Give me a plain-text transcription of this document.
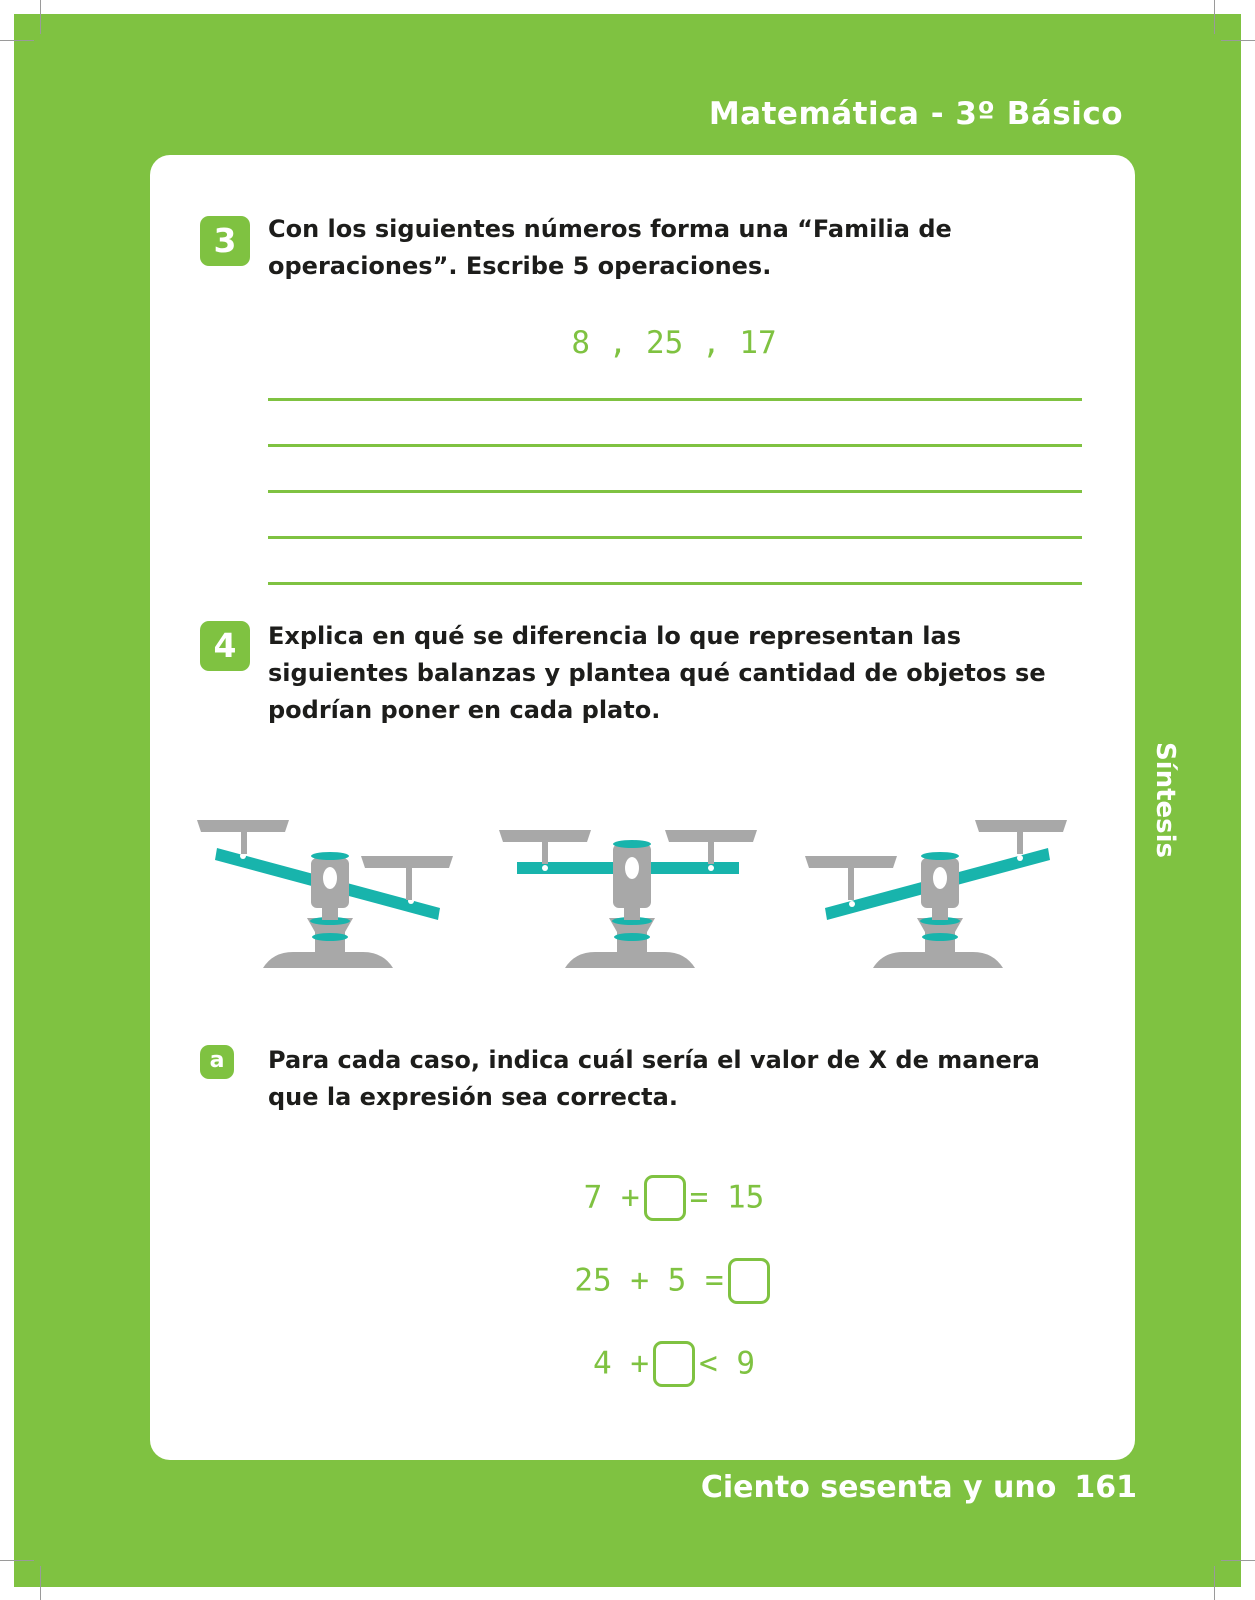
Matemática - 3º Básico
Síntesis
Ciento sesenta y uno 161
3	Con los siguientes números forma una “Familia de
operaciones”. Escribe 5 operaciones.
8 , 25 , 17
4	Explica en qué se diferencia lo que representan las
siguientes balanzas y plantea qué cantidad de objetos se
podrían poner en cada plato.
a	Para cada caso, indica cuál sería el valor de X de manera
que la expresión sea correcta.
7 + = 15
25 + 5 =
4 + < 9
